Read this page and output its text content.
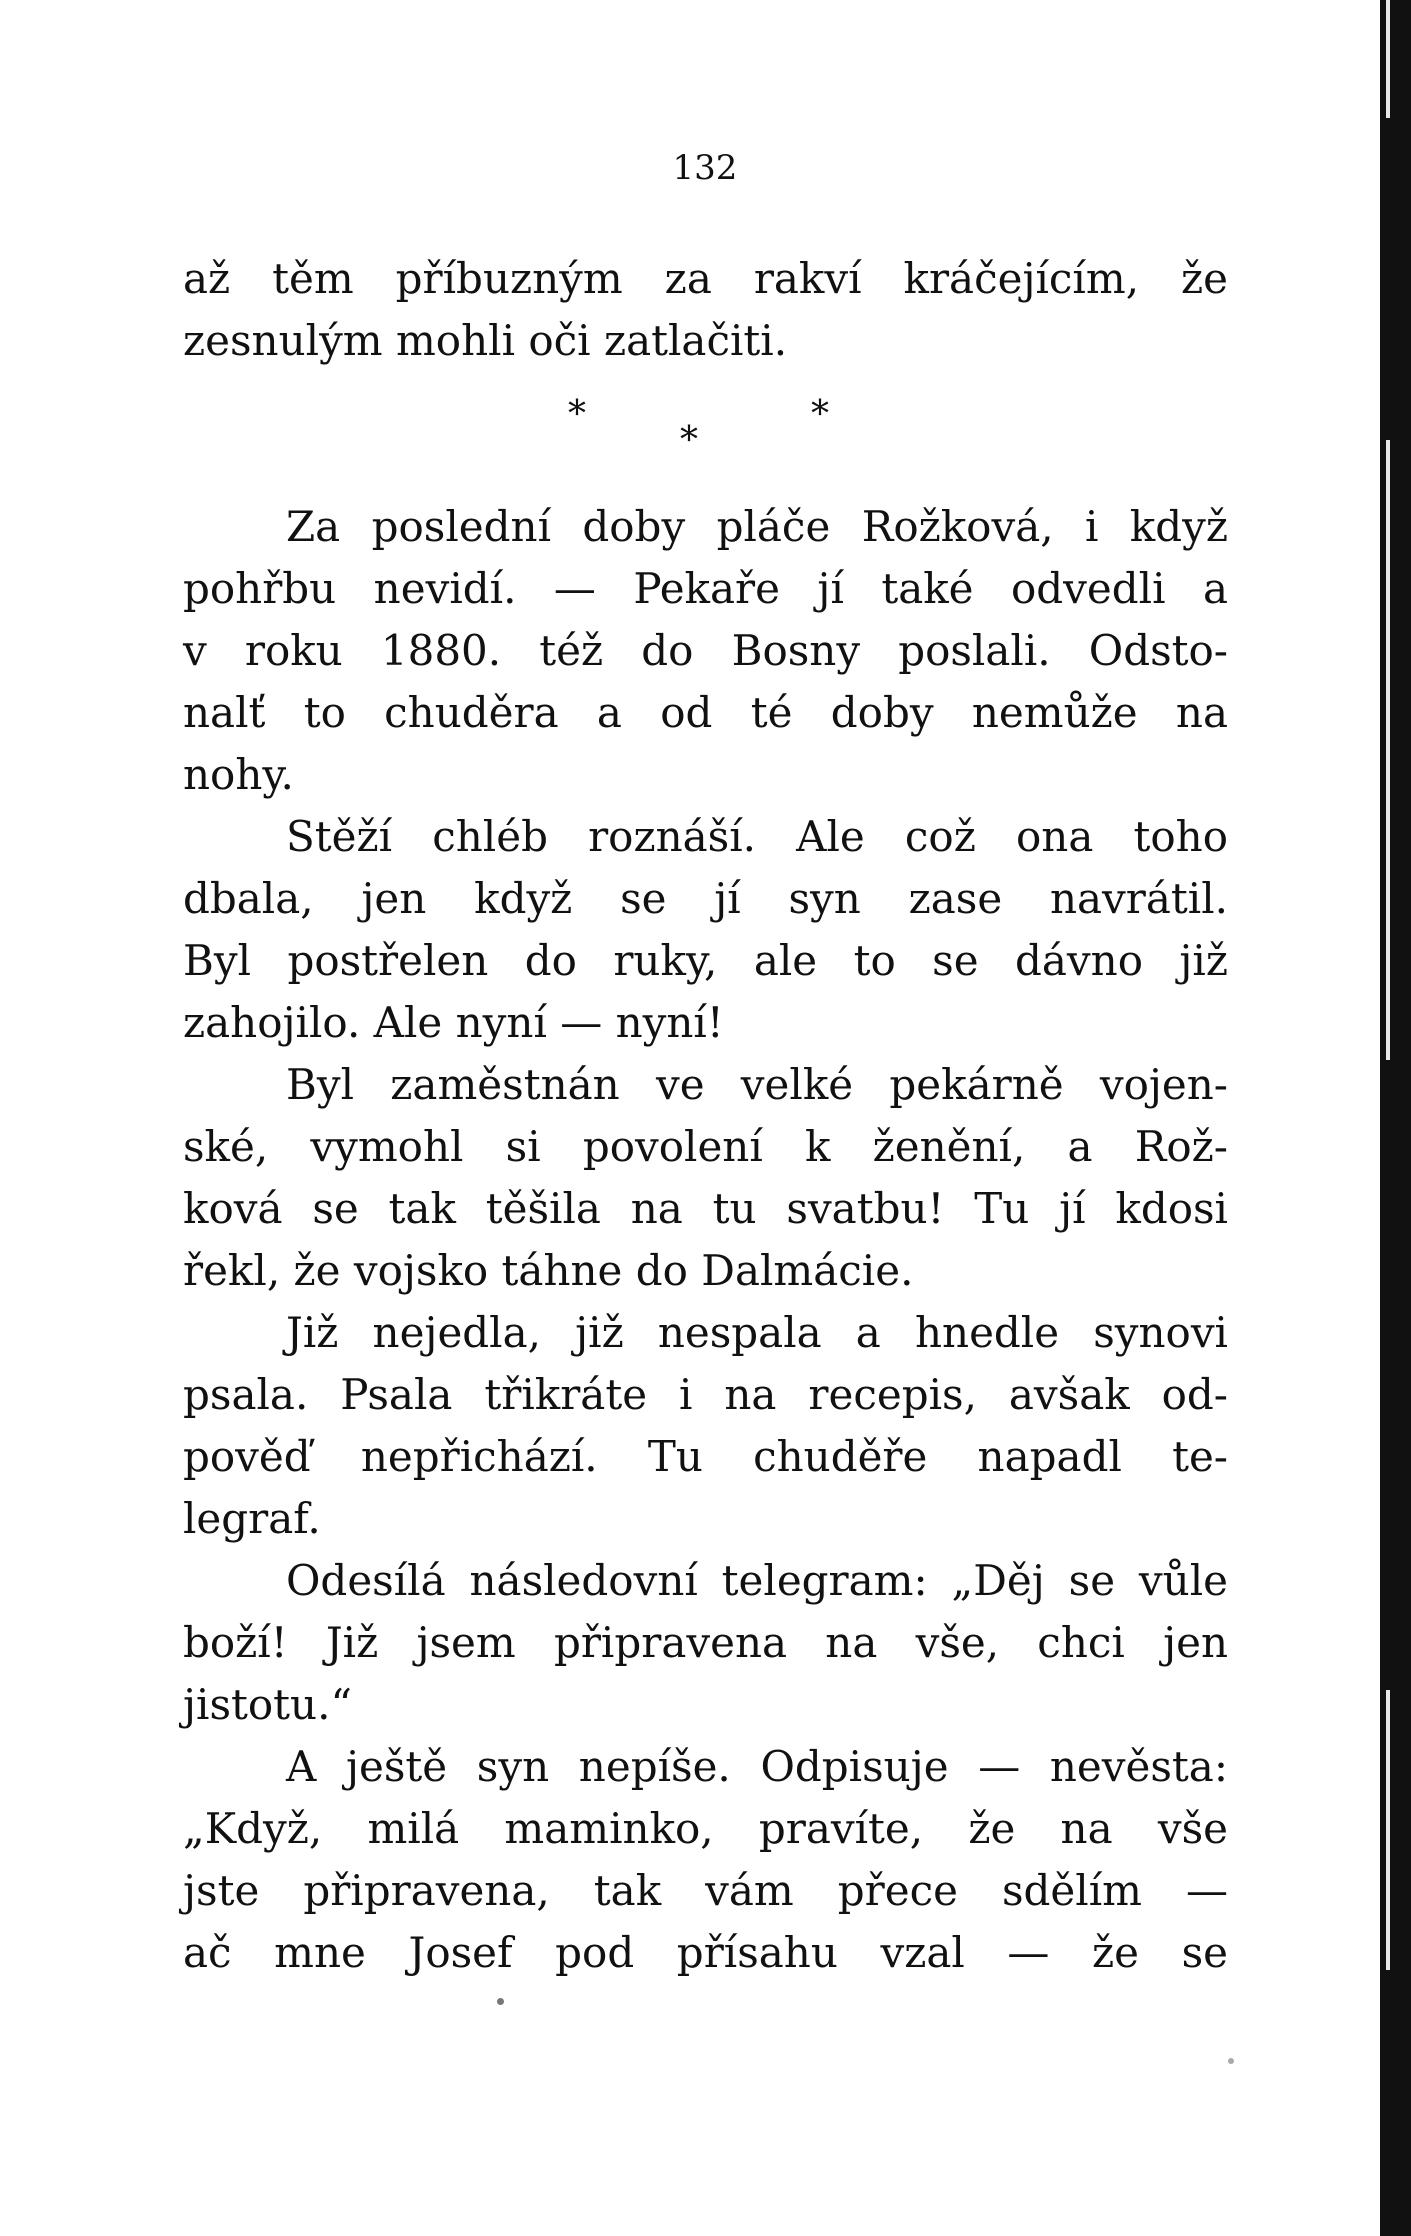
132
až těm příbuzným za rakví kráčejícím, že
zesnulým mohli oči zatlačiti.
*
*
*
Za poslední doby pláče Rožková, i když
pohřbu nevidí. — Pekaře jí také odvedli a
v roku 1880. též do Bosny poslali. Odsto-
nalť to chuděra a od té doby nemůže na
nohy.
Stěží chléb roznáší. Ale což ona toho
dbala, jen když se jí syn zase navrátil.
Byl postřelen do ruky, ale to se dávno již
zahojilo. Ale nyní — nyní!
Byl zaměstnán ve velké pekárně vojen-
ské, vymohl si povolení k ženění, a Rož-
ková se tak těšila na tu svatbu! Tu jí kdosi
řekl, že vojsko táhne do Dalmácie.
Již nejedla, již nespala a hnedle synovi
psala. Psala třikráte i na recepis, avšak od-
pověď nepřichází. Tu chuděře napadl te-
legraf.
Odesílá následovní telegram: „Děj se vůle
boží! Již jsem připravena na vše, chci jen
jistotu.“
A ještě syn nepíše. Odpisuje — nevěsta:
„Když, milá maminko, pravíte, že na vše
jste připravena, tak vám přece sdělím —
ač mne Josef pod přísahu vzal — že se
